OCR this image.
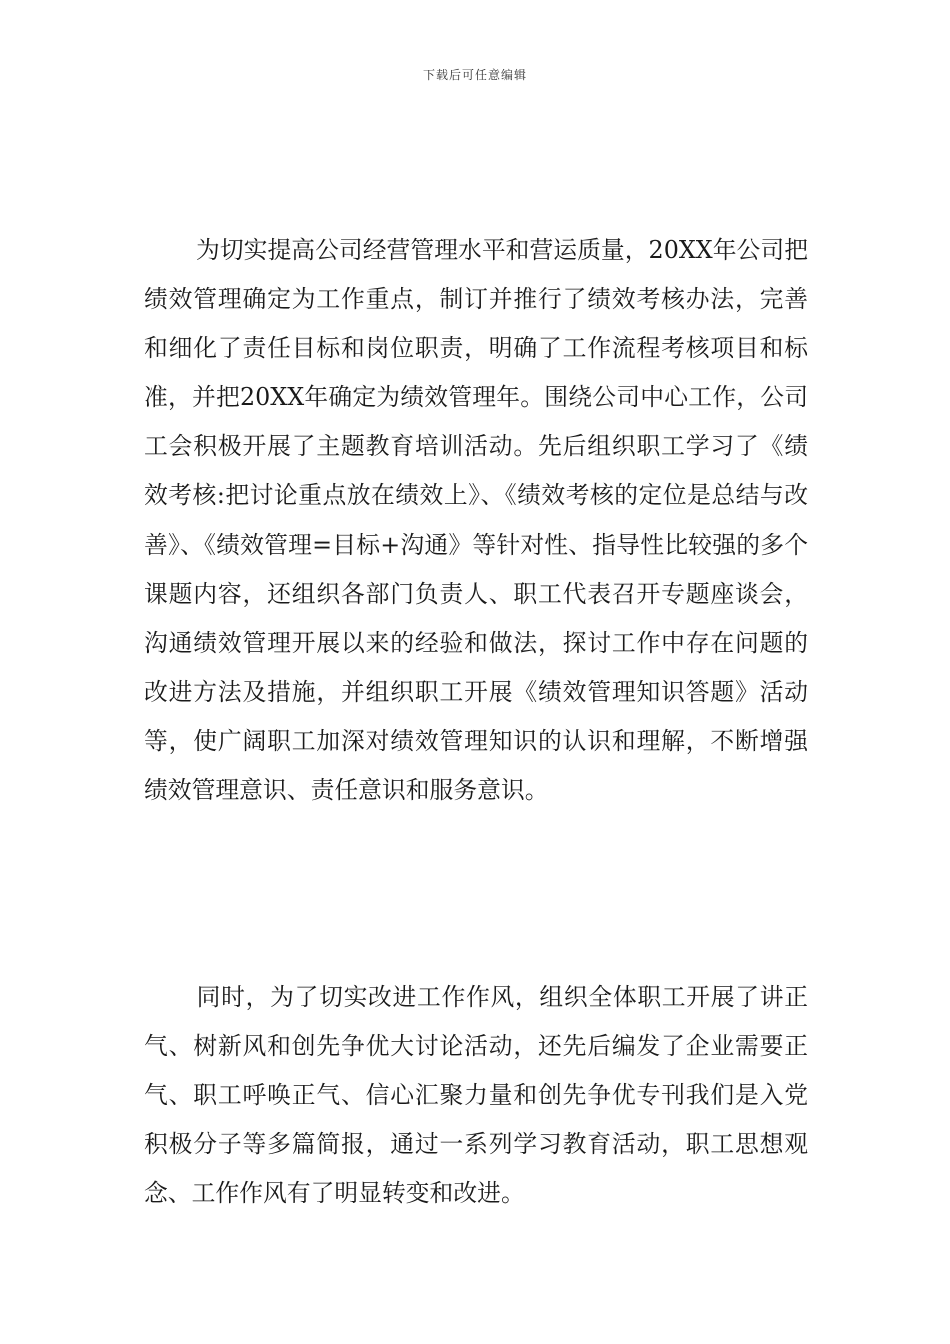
下载后可任意编辑

为切实提高公司经营管理水平和营运质量，20XX年公司把绩效管理确定为工作重点，制订并推行了绩效考核办法，完善和细化了责任目标和岗位职责，明确了工作流程考核项目和标准，并把20XX年确定为绩效管理年。围绕公司中心工作，公司工会积极开展了主题教育培训活动。先后组织职工学习了《绩效考核:把讨论重点放在绩效上》、《绩效考核的定位是总结与改善》、《绩效管理=目标+沟通》等针对性、指导性比较强的多个课题内容，还组织各部门负责人、职工代表召开专题座谈会，沟通绩效管理开展以来的经验和做法，探讨工作中存在问题的改进方法及措施，并组织职工开展《绩效管理知识答题》活动等，使广阔职工加深对绩效管理知识的认识和理解，不断增强绩效管理意识、责任意识和服务意识。

同时，为了切实改进工作作风，组织全体职工开展了讲正气、树新风和创先争优大讨论活动，还先后编发了企业需要正气、职工呼唤正气、信心汇聚力量和创先争优专刊我们是入党积极分子等多篇简报，通过一系列学习教育活动，职工思想观念、工作作风有了明显转变和改进。
